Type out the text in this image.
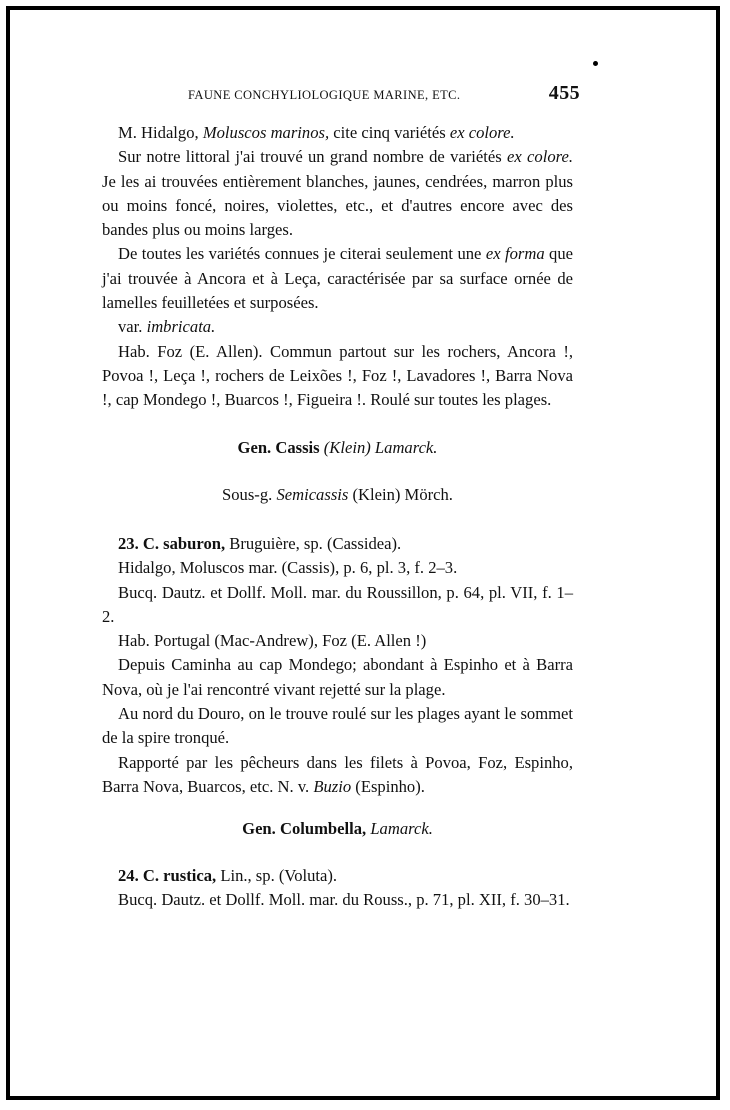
FAUNE CONCHYLIOLOGIQUE MARINE, ETC.	455

M. Hidalgo, Moluscos marinos, cite cinq variétés ex colore.

Sur notre littoral j'ai trouvé un grand nombre de variétés ex colore. Je les ai trouvées entièrement blanches, jaunes, cendrées, marron plus ou moins foncé, noires, violettes, etc., et d'autres encore avec des bandes plus ou moins larges.

De toutes les variétés connues je citerai seulement une ex forma que j'ai trouvée à Ancora et à Leça, caractérisée par sa surface ornée de lamelles feuilletées et surposées.

var. imbricata.

Hab. Foz (E. Allen). Commun partout sur les rochers, Ancora !, Povoa !, Leça !, rochers de Leixões !, Foz !, Lavadores !, Barra Nova !, cap Mondego !, Buarcos !, Figueira !. Roulé sur toutes les plages.

Gen. Cassis (Klein) Lamarck.

Sous-g. Semicassis (Klein) Mörch.

23. C. saburon, Bruguière, sp. (Cassidea).

Hidalgo, Moluscos mar. (Cassis), p. 6, pl. 3, f. 2–3.

Bucq. Dautz. et Dollf. Moll. mar. du Roussillon, p. 64, pl. VII, f. 1–2.

Hab. Portugal (Mac-Andrew), Foz (E. Allen !)

Depuis Caminha au cap Mondego; abondant à Espinho et à Barra Nova, où je l'ai rencontré vivant rejetté sur la plage.

Au nord du Douro, on le trouve roulé sur les plages ayant le sommet de la spire tronqué.

Rapporté par les pêcheurs dans les filets à Povoa, Foz, Espinho, Barra Nova, Buarcos, etc. N. v. Buzio (Espinho).

Gen. Columbella, Lamarck.

24. C. rustica, Lin., sp. (Voluta).

Bucq. Dautz. et Dollf. Moll. mar. du Rouss., p. 71, pl. XII, f. 30–31.
